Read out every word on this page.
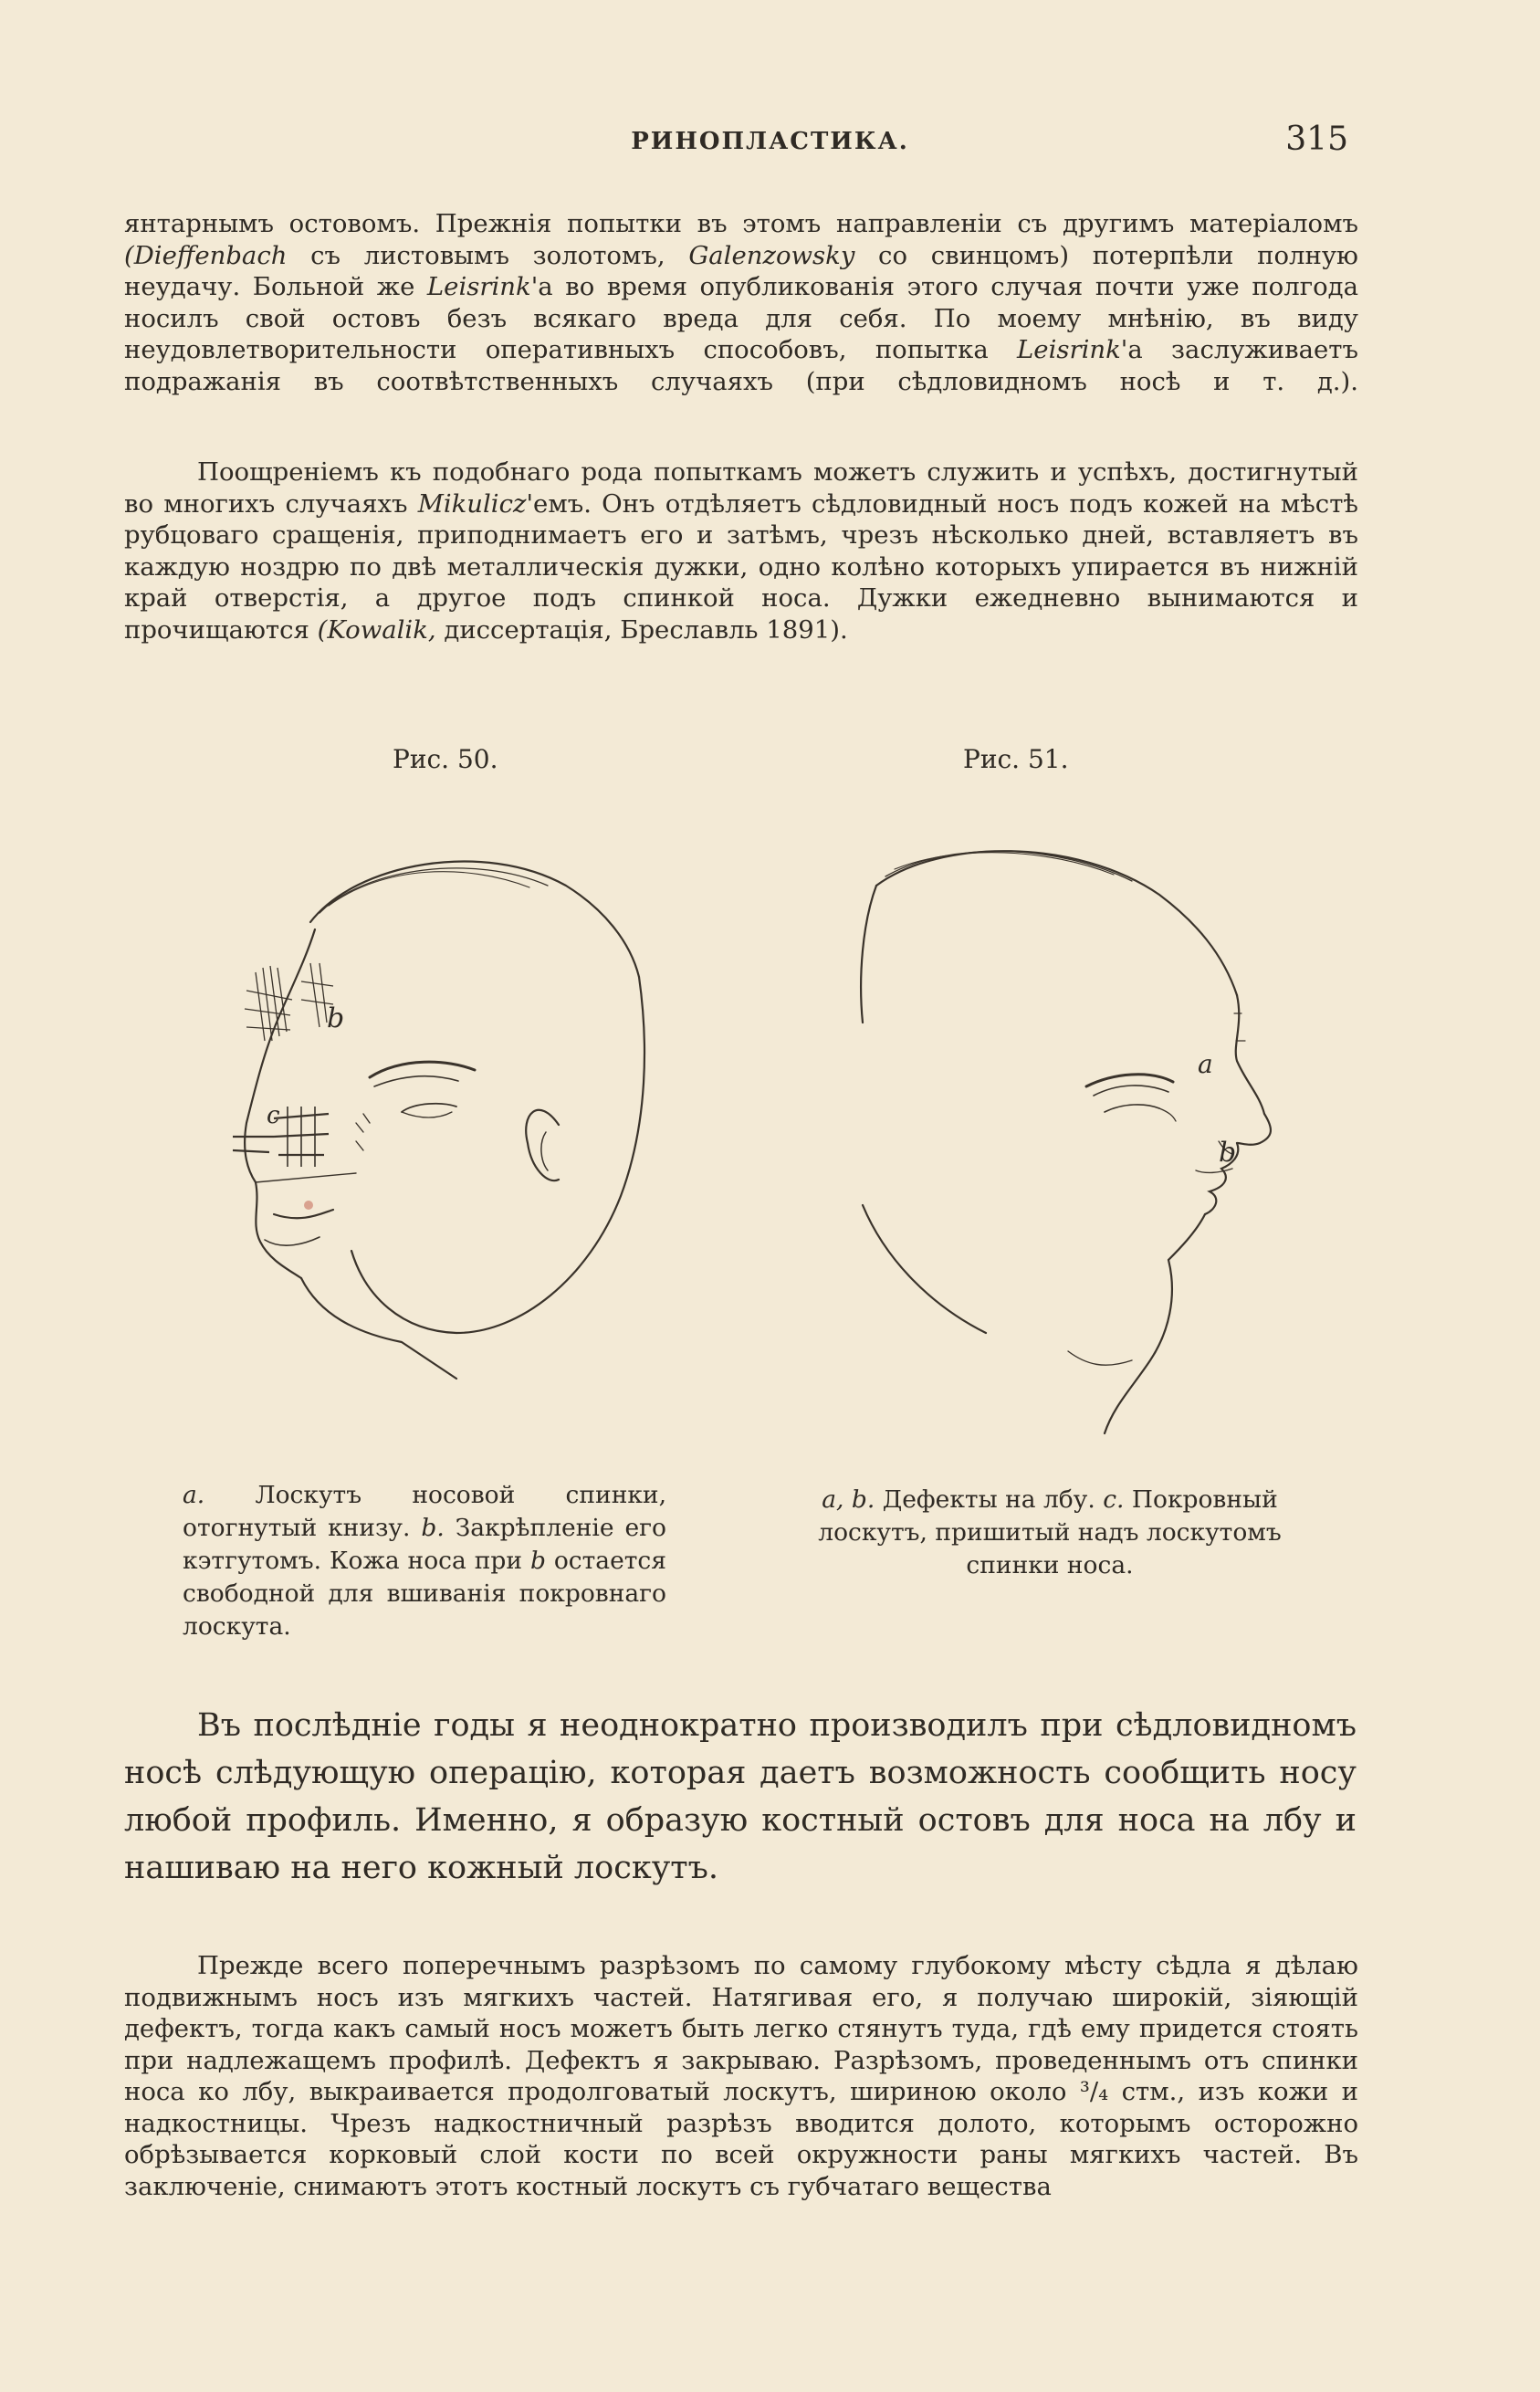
РИНОПЛАСТИКА.	315

янтарнымъ остовомъ. Прежнія попытки въ этомъ направленіи съ другимъ матеріаломъ (Dieffenbach съ листовымъ золотомъ, Galenzowsky со свинцомъ) потерпѣли полную неудачу. Больной же Leisrink'а во время опубликованія этого случая почти уже полгода носилъ свой остовъ безъ всякаго вреда для себя. По моему мнѣнію, въ виду неудовлетворительности оперативныхъ способовъ, попытка Leisrink'а заслуживаетъ подражанія въ соотвѣтственныхъ случаяхъ (при сѣдловидномъ носѣ и т. д.).

Поощреніемъ къ подобнаго рода попыткамъ можетъ служить и успѣхъ, достигнутый во многихъ случаяхъ Mikulicz'емъ. Онъ отдѣляетъ сѣдловидный носъ подъ кожей на мѣстѣ рубцоваго сращенія, приподнимаетъ его и затѣмъ, чрезъ нѣсколько дней, вставляетъ въ каждую ноздрю по двѣ металлическія дужки, одно колѣно которыхъ упирается въ нижній край отверстія, а другое подъ спинкой носа. Дужки ежедневно вынимаются и прочищаются (Kowalik, диссертація, Бреславль 1891).

Рис. 50.	Рис. 51.
b
c
a
b

a. Лоскутъ носовой спинки, отогнутый книзу. b. Закрѣпленіе его кэтгутомъ. Кожа носа при b остается свободной для вшиванія покровнаго лоскута.

a, b. Дефекты на лбу. c. Покровный лоскутъ, пришитый надъ лоскутомъ спинки носа.

Въ послѣдніе годы я неоднократно производилъ при сѣдловидномъ носѣ слѣдующую операцію, которая даетъ возможность сообщить носу любой профиль. Именно, я образую костный остовъ для носа на лбу и нашиваю на него кожный лоскутъ.

Прежде всего поперечнымъ разрѣзомъ по самому глубокому мѣсту сѣдла я дѣлаю подвижнымъ носъ изъ мягкихъ частей. Натягивая его, я получаю широкій, зіяющій дефектъ, тогда какъ самый носъ можетъ быть легко стянутъ туда, гдѣ ему придется стоять при надлежащемъ профилѣ. Дефектъ я закрываю. Разрѣзомъ, проведеннымъ отъ спинки носа ко лбу, выкраивается продолговатый лоскутъ, шириною около ³/₄ стм., изъ кожи и надкостницы. Чрезъ надкостничный разрѣзъ вводится долото, которымъ осторожно обрѣзывается корковый слой кости по всей окружности раны мягкихъ частей. Въ заключеніе, снимаютъ этотъ костный лоскутъ съ губчатаго вещества
